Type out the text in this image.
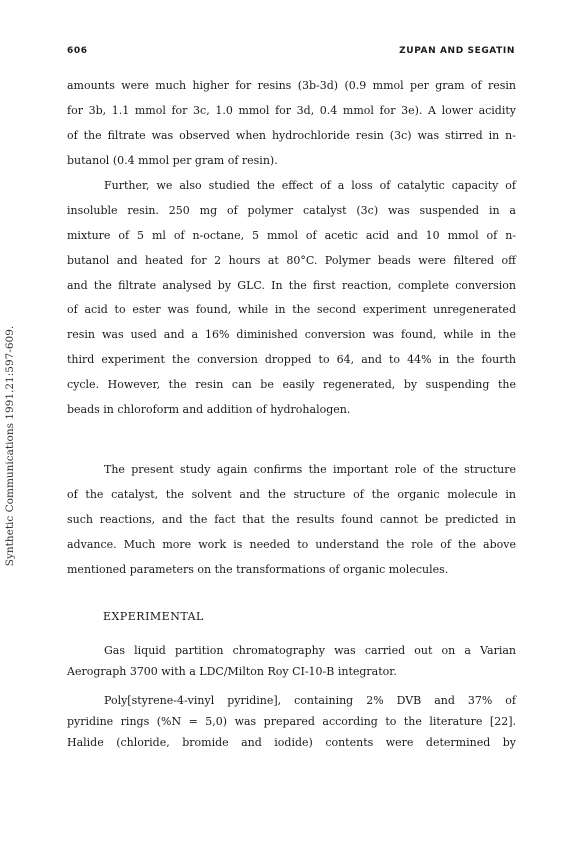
606	ZUPAN AND SEGATIN
Synthetic Communications 1991.21:597-609.
amounts were much higher for resins (3b-3d) (0.9 mmol per gram of resin
for 3b, 1.1 mmol for 3c, 1.0 mmol for 3d, 0.4 mmol for 3e). A lower acidity
of the filtrate was observed when hydrochloride resin (3c) was stirred in n-
butanol (0.4 mmol per gram of resin).
Further, we also studied the effect of a loss of catalytic capacity of
insoluble resin. 250 mg of polymer catalyst (3c) was suspended in a
mixture of 5 ml of n-octane, 5 mmol of acetic acid and 10 mmol of n-
butanol and heated for 2 hours at 80°C. Polymer beads were filtered off
and the filtrate analysed by GLC. In the first reaction, complete conversion
of acid to ester was found, while in the second experiment unregenerated
resin was used and a 16% diminished conversion was found, while in the
third experiment the conversion dropped to 64, and to 44% in the fourth
cycle. However, the resin can be easily regenerated, by suspending the
beads in chloroform and addition of hydrohalogen.
The present study again confirms the important role of the structure
of the catalyst, the solvent and the structure of the organic molecule in
such reactions, and the fact that the results found cannot be predicted in
advance. Much more work is needed to understand the role of the above
mentioned parameters on the transformations of organic molecules.
EXPERIMENTAL
Gas liquid partition chromatography was carried out on a Varian
Aerograph 3700 with a LDC/Milton Roy CI-10-B integrator.
Poly[styrene-4-vinyl pyridine], containing 2% DVB and 37% of
pyridine rings (%N = 5,0) was prepared according to the literature [22].
Halide (chloride, bromide and iodide) contents were determined by
